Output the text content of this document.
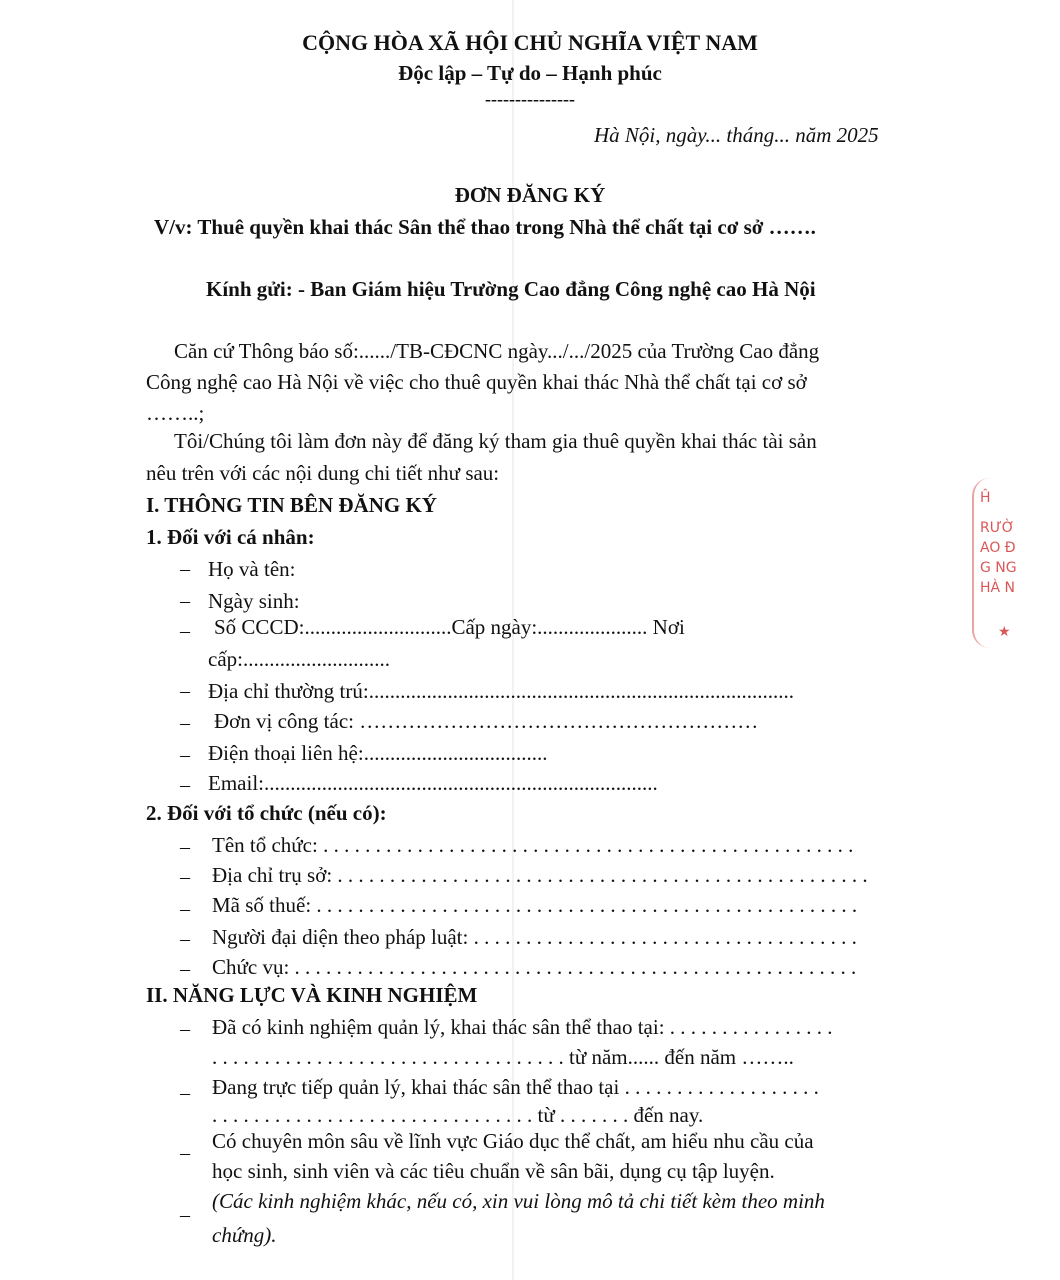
CỘNG HÒA XÃ HỘI CHỦ NGHĨA VIỆT NAM
Độc lập – Tự do – Hạnh phúc
---------------
Hà Nội, ngày... tháng... năm 2025
ĐƠN ĐĂNG KÝ
V/v: Thuê quyền khai thác Sân thể thao trong Nhà thể chất tại cơ sở …….
Kính gửi: - Ban Giám hiệu Trường Cao đẳng Công nghệ cao Hà Nội
Căn cứ Thông báo số:....../TB-CĐCNC ngày.../.../2025 của Trường Cao đẳng
Công nghệ cao Hà Nội về việc cho thuê quyền khai thác Nhà thể chất tại cơ sở
……..;
Tôi/Chúng tôi làm đơn này để đăng ký tham gia thuê quyền khai thác tài sản
nêu trên với các nội dung chi tiết như sau:
I. THÔNG TIN BÊN ĐĂNG KÝ
1. Đối với cá nhân:
– Họ và tên:
– Ngày sinh:
– Số CCCD:............................Cấp ngày:..................... Nơi
cấp:............................
– Địa chỉ thường trú:.................................................................................
– Đơn vị công tác: …………………………………………………
– Điện thoại liên hệ:...................................
– Email:...........................................................................
2. Đối với tổ chức (nếu có):
– Tên tổ chức: . . . . . . . . . . . . . . . . . . . . . . . . . . . . . . . . . . . . . . . . . . . . . . . . . . .
– Địa chỉ trụ sở: . . . . . . . . . . . . . . . . . . . . . . . . . . . . . . . . . . . . . . . . . . . . . . . . . . .
– Mã số thuế: . . . . . . . . . . . . . . . . . . . . . . . . . . . . . . . . . . . . . . . . . . . . . . . . . . . .
– Người đại diện theo pháp luật: . . . . . . . . . . . . . . . . . . . . . . . . . . . . . . . . . . . . .
– Chức vụ: . . . . . . . . . . . . . . . . . . . . . . . . . . . . . . . . . . . . . . . . . . . . . . . . . . . . . .
II. NĂNG LỰC VÀ KINH NGHIỆM
– Đã có kinh nghiệm quản lý, khai thác sân thể thao tại: . . . . . . . . . . . . . . . .
. . . . . . . . . . . . . . . . . . . . . . . . . . . . . . . . . . từ năm...... đến năm ……..
– Đang trực tiếp quản lý, khai thác sân thể thao tại . . . . . . . . . . . . . . . . . . .
. . . . . . . . . . . . . . . . . . . . . . . . . . . . . . . từ . . . . . . . đến nay.
– Có chuyên môn sâu về lĩnh vực Giáo dục thể chất, am hiểu nhu cầu của
học sinh, sinh viên và các tiêu chuẩn về sân bãi, dụng cụ tập luyện.
–
(Các kinh nghiệm khác, nếu có, xin vui lòng mô tả chi tiết kèm theo minh
chứng).
Ĥ
RƯỜ
AO Đ
G NG
HÀ N
★
